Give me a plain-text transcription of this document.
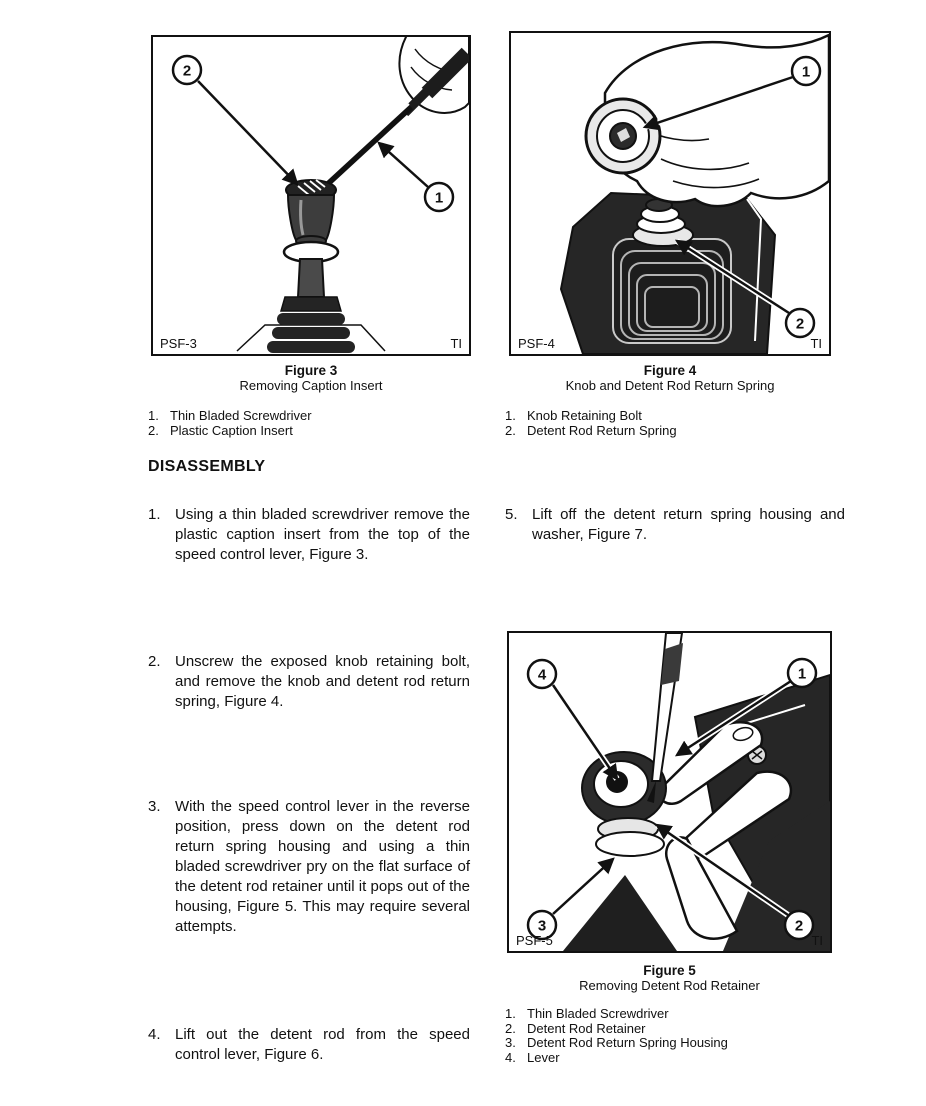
2
1
PSF-3	TI
1
2
PSF-4	TI
Figure 3
Removing Caption Insert
1. Thin Bladed Screwdriver
2. Plastic Caption Insert
Figure 4
Knob and Detent Rod Return Spring
1. Knob Retaining Bolt
2. Detent Rod Return Spring
DISASSEMBLY
1. Using a thin bladed screwdriver remove the plastic caption insert from the top of the speed control lever, Figure 3.
2. Unscrew the exposed knob retaining bolt, and remove the knob and detent rod return spring, Figure 4.
3. With the speed control lever in the reverse position, press down on the detent rod return spring housing and using a thin bladed screwdriver pry on the flat surface of the detent rod retainer until it pops out of the housing, Figure 5. This may require several attempts.
4. Lift out the detent rod from the speed control lever, Figure 6.
5. Lift off the detent return spring housing and washer, Figure 7.
4	1
3	2
PSF-5	TI
Figure 5
Removing Detent Rod Retainer
1. Thin Bladed Screwdriver
2. Detent Rod Retainer
3. Detent Rod Return Spring Housing
4. Lever
